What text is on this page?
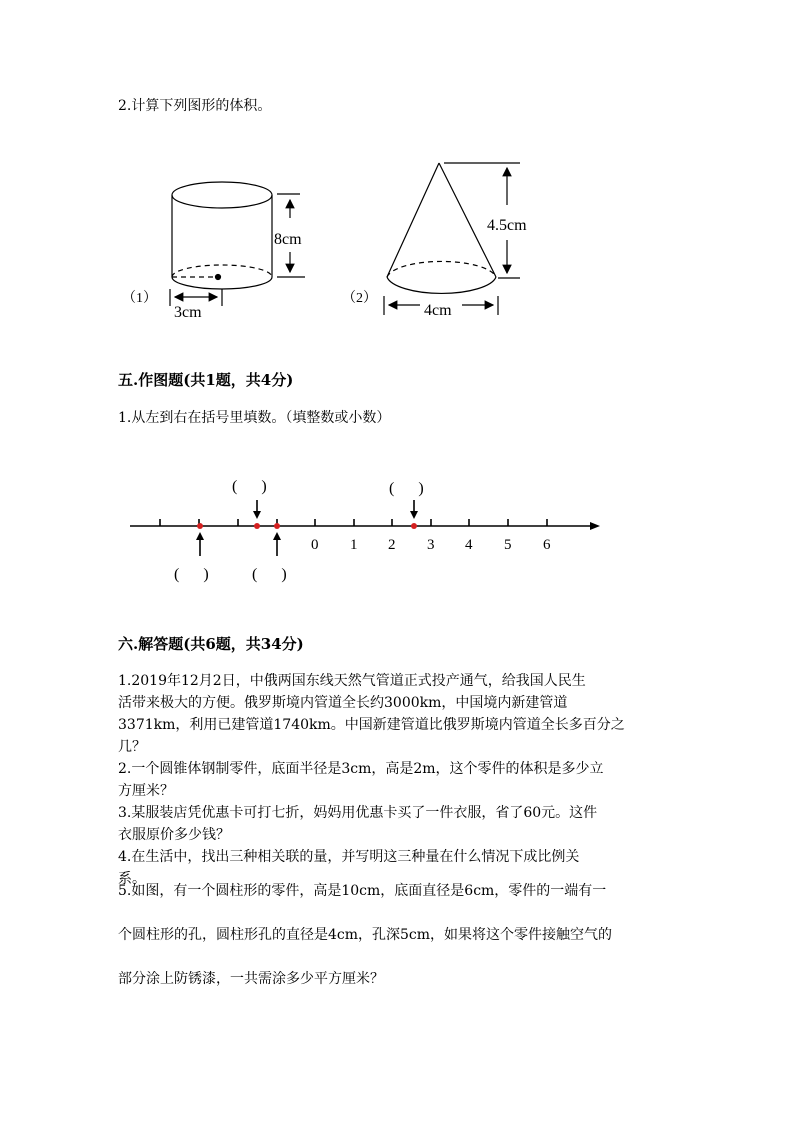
2.计算下列图形的体积。
8cm
3cm
（1）
4.5cm
4cm
（2）
0 1 2 3 4 5 6
(      )	(      )
(      )	(      )
五.作图题(共1题，共4分)
1.从左到右在括号里填数。（填整数或小数）
六.解答题(共6题，共34分)

1.2019年12月2日，中俄两国东线天然气管道正式投产通气，给我国人民生

活带来极大的方便。俄罗斯境内管道全长约3000km，中国境内新建管道

3371km，利用已建管道1740km。中国新建管道比俄罗斯境内管道全长多百分之

几？

2.一个圆锥体钢制零件，底面半径是3cm，高是2m，这个零件的体积是多少立

方厘米？

3.某服装店凭优惠卡可打七折，妈妈用优惠卡买了一件衣服，省了60元。这件

衣服原价多少钱？

4.在生活中，找出三种相关联的量，并写明这三种量在什么情况下成比例关

系。

5.如图，有一个圆柱形的零件，高是10cm，底面直径是6cm，零件的一端有一

个圆柱形的孔，圆柱形孔的直径是4cm，孔深5cm，如果将这个零件接触空气的

部分涂上防锈漆，一共需涂多少平方厘米？
